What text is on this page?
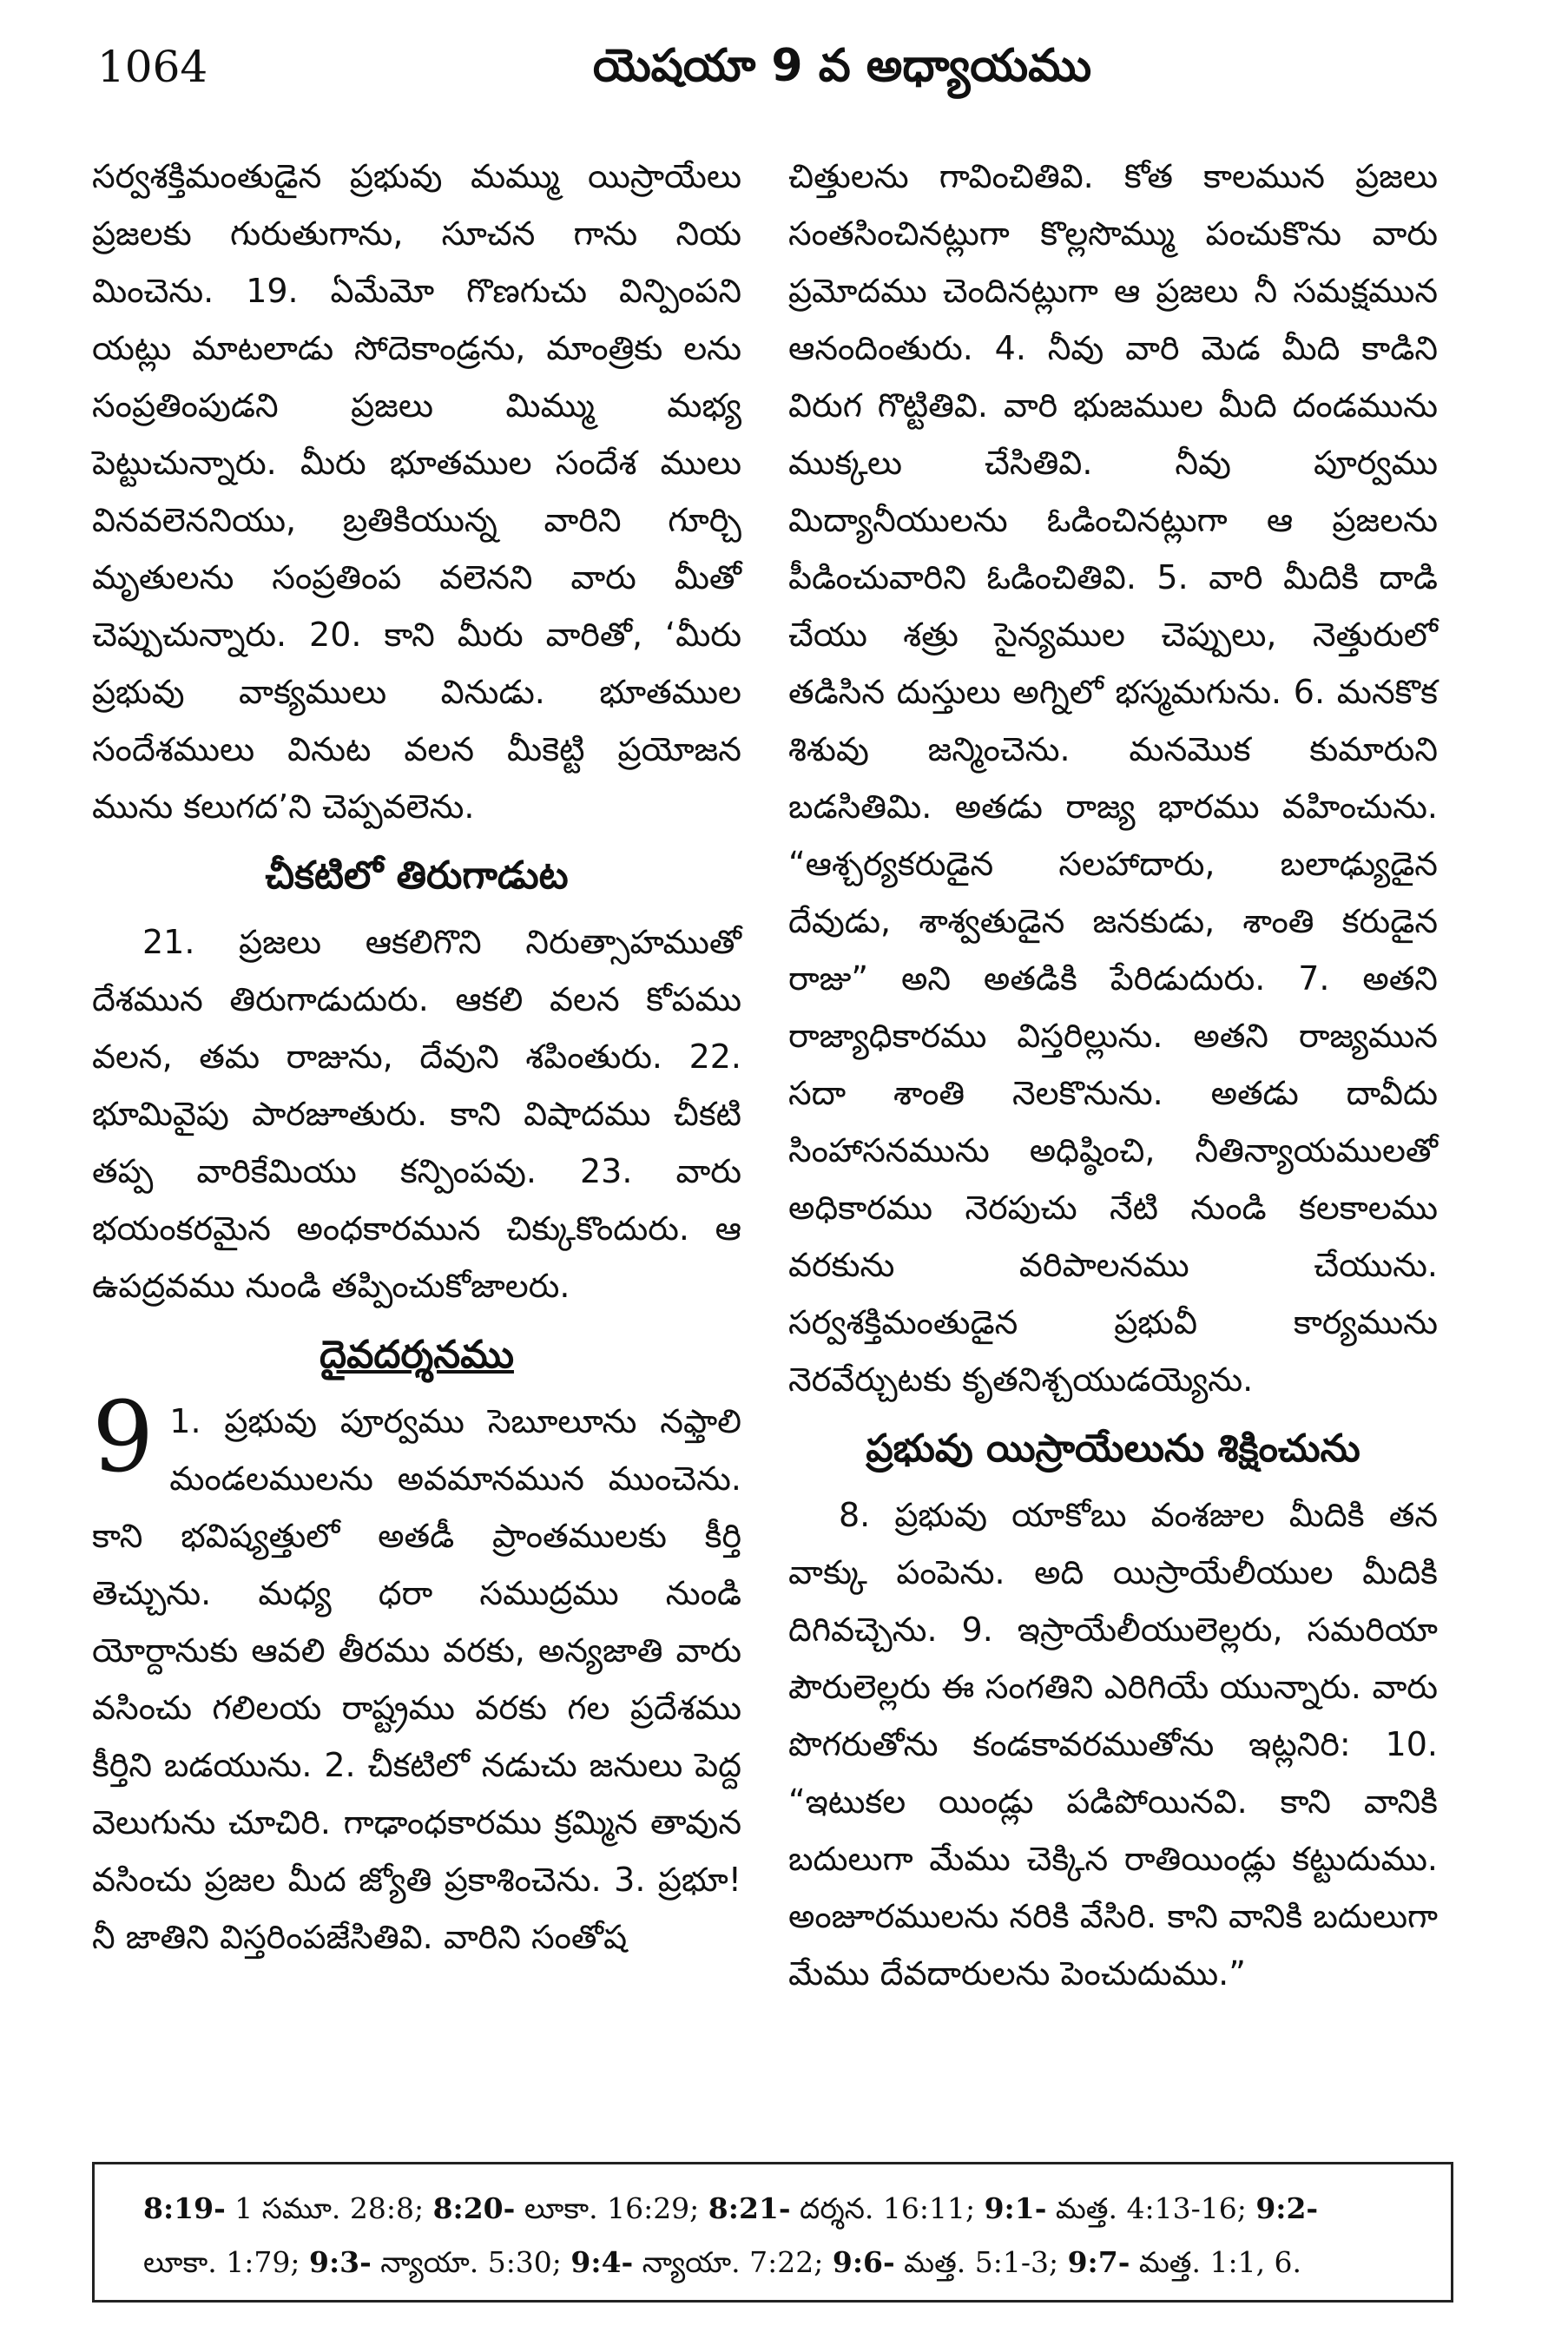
1064	యెషయా 9 వ అధ్యాయము

సర్వశక్తిమంతుడైన ప్రభువు మమ్ము యిస్రాయేలు ప్రజలకు గురుతుగాను, సూచన గాను నియ మించెను. 19. ఏమేమో గొణగుచు విన్పింపని యట్లు మాటలాడు సోదెకాండ్రను, మాంత్రికు లను సంప్రతింపుడని ప్రజలు మిమ్ము మభ్య పెట్టుచున్నారు. మీరు భూతముల సందేశ ములు వినవలెననియు, బ్రతికియున్న వారిని గూర్చి మృతులను సంప్రతింప వలెనని వారు మీతో చెప్పుచున్నారు. 20. కాని మీరు వారితో, ‘మీరు ప్రభువు వాక్యములు వినుడు. భూతముల సందేశములు వినుట వలన మీకెట్టి ప్రయోజన మును కలుగద’ని చెప్పవలెను.

చీకటిలో తిరుగాడుట

21. ప్రజలు ఆకలిగొని నిరుత్సాహముతో దేశమున తిరుగాడుదురు. ఆకలి వలన కోపము వలన, తమ రాజును, దేవుని శపింతురు. 22. భూమివైపు పారజూతురు. కాని విషాదము చీకటి తప్ప వారికేమియు కన్పింపవు. 23. వారు భయంకరమైన అంధకారమున చిక్కుకొందురు. ఆ ఉపద్రవము నుండి తప్పించుకోజాలరు.

దైవదర్శనము
9 1. ప్రభువు పూర్వము సెబూలూను నఫ్తాలి మండలములను అవమానమున ముంచెను. కాని భవిష్యత్తులో అతడీ ప్రాంతములకు కీర్తి తెచ్చును. మధ్య ధరా సముద్రము నుండి యోర్దానుకు ఆవలి తీరము వరకు, అన్యజాతి వారు వసించు గలిలయ రాష్ట్రము వరకు గల ప్రదేశము కీర్తిని బడయును. 2. చీకటిలో నడుచు జనులు పెద్ద వెలుగును చూచిరి. గాఢాంధకారము క్రమ్మిన తావున వసించు ప్రజల మీద జ్యోతి ప్రకాశించెను. 3. ప్రభూ! నీ జాతిని విస్తరింపజేసితివి. వారిని సంతోష

చిత్తులను గావించితివి. కోత కాలమున ప్రజలు సంతసించినట్లుగా కొల్లసొమ్ము పంచుకొను వారు ప్రమోదము చెందినట్లుగా ఆ ప్రజలు నీ సమక్షమున ఆనందింతురు. 4. నీవు వారి మెడ మీది కాడిని విరుగ గొట్టితివి. వారి భుజముల మీది దండమును ముక్కలు చేసితివి. నీవు పూర్వము మిద్యానీయులను ఓడించినట్లుగా ఆ ప్రజలను పీడించువారిని ఓడించితివి. 5. వారి మీదికి దాడి చేయు శత్రు సైన్యముల చెప్పులు, నెత్తురులో తడిసిన దుస్తులు అగ్నిలో భస్మమగును. 6. మనకొక శిశువు జన్మించెను. మనమొక కుమారుని బడసితిమి. అతడు రాజ్య భారము వహించును. “ఆశ్చర్యకరుడైన సలహాదారు, బలాఢ్యుడైన దేవుడు, శాశ్వతుడైన జనకుడు, శాంతి కరుడైన రాజు” అని అతడికి పేరిడుదురు. 7. అతని రాజ్యాధికారము విస్తరిల్లును. అతని రాజ్యమున సదా శాంతి నెలకొనును. అతడు దావీదు సింహాసనమును అధిష్ఠించి, నీతిన్యాయములతో అధికారము నెరపుచు నేటి నుండి కలకాలము వరకును వరిపాలనము చేయును. సర్వశక్తిమంతుడైన ప్రభువీ కార్యమును నెరవేర్చుటకు కృతనిశ్చయుడయ్యెను.

ప్రభువు యిస్రాయేలును శిక్షించును

8. ప్రభువు యాకోబు వంశజుల మీదికి తన వాక్కు పంపెను. అది యిస్రాయేలీయుల మీదికి దిగివచ్చెను. 9. ఇస్రాయేలీయులెల్లరు, సమరియా పౌరులెల్లరు ఈ సంగతిని ఎరిగియే యున్నారు. వారు పొగరుతోను కండకావరముతోను ఇట్లనిరి: 10. “ఇటుకల యిండ్లు పడిపోయినవి. కాని వానికి బదులుగా మేము చెక్కిన రాతియిండ్లు కట్టుదుము. అంజూరములను నరికి వేసిరి. కాని వానికి బదులుగా మేము దేవదారులను పెంచుదుము.”

8:19- 1 సమూ. 28:8; 8:20- లూకా. 16:29; 8:21- దర్శన. 16:11; 9:1- మత్త. 4:13-16; 9:2-
లూకా. 1:79; 9:3- న్యాయా. 5:30; 9:4- న్యాయా. 7:22; 9:6- మత్త. 5:1-3; 9:7- మత్త. 1:1, 6.
